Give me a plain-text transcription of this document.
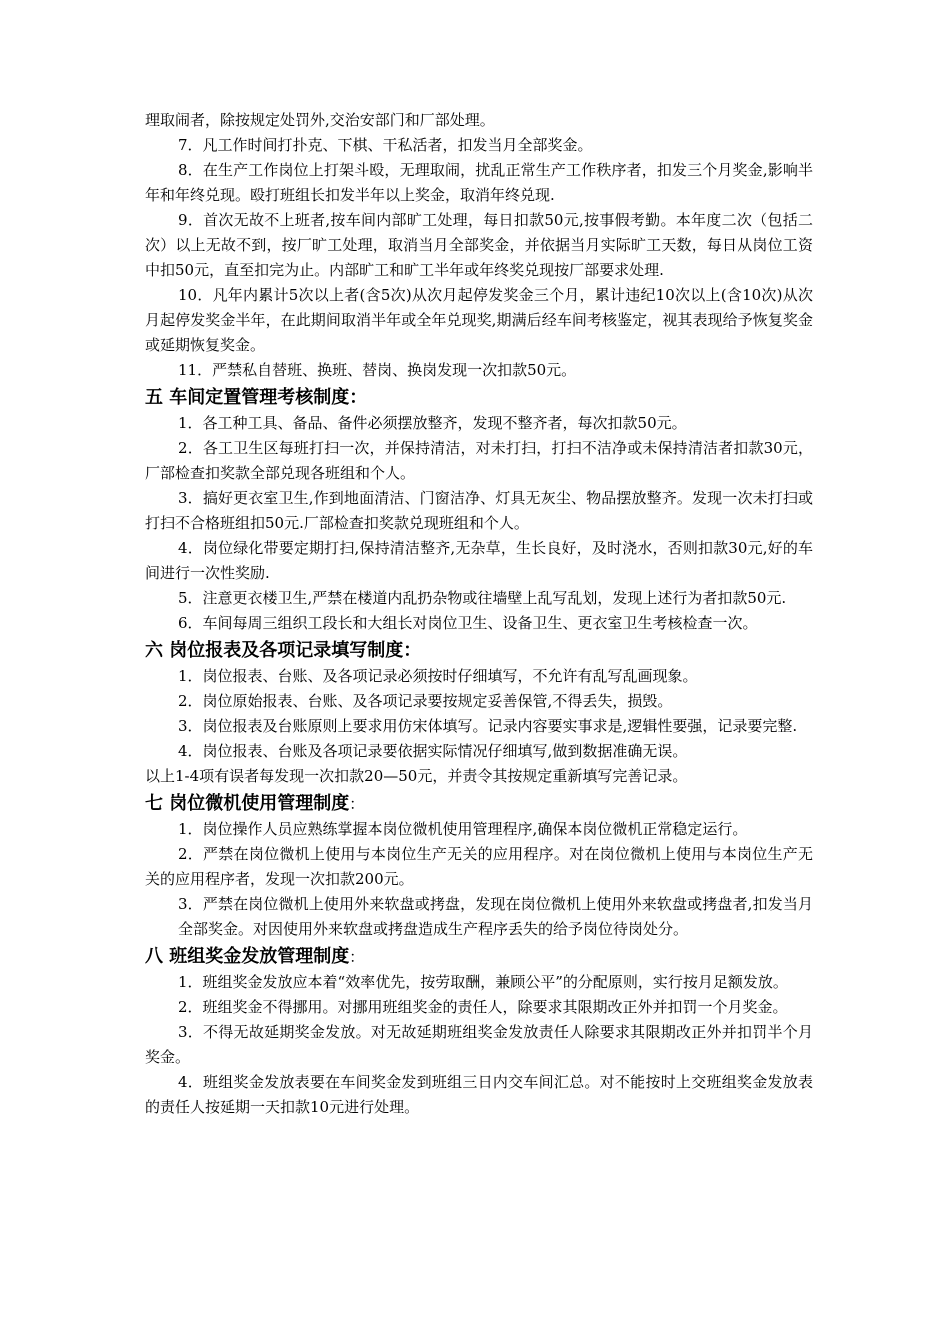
理取闹者，除按规定处罚外,交治安部门和厂部处理。

7．凡工作时间打扑克、下棋、干私活者，扣发当月全部奖金。

8．在生产工作岗位上打架斗殴，无理取闹，扰乱正常生产工作秩序者，扣发三个月奖金,影响半年和年终兑现。殴打班组长扣发半年以上奖金，取消年终兑现.

9．首次无故不上班者,按车间内部旷工处理，每日扣款50元,按事假考勤。本年度二次（包括二次）以上无故不到，按厂旷工处理，取消当月全部奖金，并依据当月实际旷工天数，每日从岗位工资中扣50元，直至扣完为止。内部旷工和旷工半年或年终奖兑现按厂部要求处理.

10．凡年内累计5次以上者(含5次)从次月起停发奖金三个月，累计违纪10次以上(含10次)从次月起停发奖金半年，在此期间取消半年或全年兑现奖,期满后经车间考核鉴定，视其表现给予恢复奖金或延期恢复奖金。

11．严禁私自替班、换班、替岗、换岗发现一次扣款50元。

五 车间定置管理考核制度：

1．各工种工具、备品、备件必须摆放整齐，发现不整齐者，每次扣款50元。

2．各工卫生区每班打扫一次，并保持清洁，对未打扫，打扫不洁净或未保持清洁者扣款30元，厂部检查扣奖款全部兑现各班组和个人。

3．搞好更衣室卫生,作到地面清洁、门窗洁净、灯具无灰尘、物品摆放整齐。发现一次未打扫或打扫不合格班组扣50元.厂部检查扣奖款兑现班组和个人。

4．岗位绿化带要定期打扫,保持清洁整齐,无杂草，生长良好，及时浇水，否则扣款30元,好的车间进行一次性奖励.

5．注意更衣楼卫生,严禁在楼道内乱扔杂物或往墙壁上乱写乱划，发现上述行为者扣款50元.

6．车间每周三组织工段长和大组长对岗位卫生、设备卫生、更衣室卫生考核检查一次。

六 岗位报表及各项记录填写制度：

1．岗位报表、台账、及各项记录必须按时仔细填写，不允许有乱写乱画现象。

2．岗位原始报表、台账、及各项记录要按规定妥善保管,不得丢失，损毁。

3．岗位报表及台账原则上要求用仿宋体填写。记录内容要实事求是,逻辑性要强，记录要完整.

4．岗位报表、台账及各项记录要依据实际情况仔细填写,做到数据准确无误。

以上1-4项有误者每发现一次扣款20—50元，并责令其按规定重新填写完善记录。

七 岗位微机使用管理制度：

1．岗位操作人员应熟练掌握本岗位微机使用管理程序,确保本岗位微机正常稳定运行。

2．严禁在岗位微机上使用与本岗位生产无关的应用程序。对在岗位微机上使用与本岗位生产无关的应用程序者，发现一次扣款200元。

3．严禁在岗位微机上使用外来软盘或拷盘，发现在岗位微机上使用外来软盘或拷盘者,扣发当月全部奖金。对因使用外来软盘或拷盘造成生产程序丢失的给予岗位待岗处分。

八 班组奖金发放管理制度：

1．班组奖金发放应本着“效率优先，按劳取酬，兼顾公平”的分配原则，实行按月足额发放。

2．班组奖金不得挪用。对挪用班组奖金的责任人，除要求其限期改正外并扣罚一个月奖金。

3．不得无故延期奖金发放。对无故延期班组奖金发放责任人除要求其限期改正外并扣罚半个月奖金。

4．班组奖金发放表要在车间奖金发到班组三日内交车间汇总。对不能按时上交班组奖金发放表的责任人按延期一天扣款10元进行处理。
